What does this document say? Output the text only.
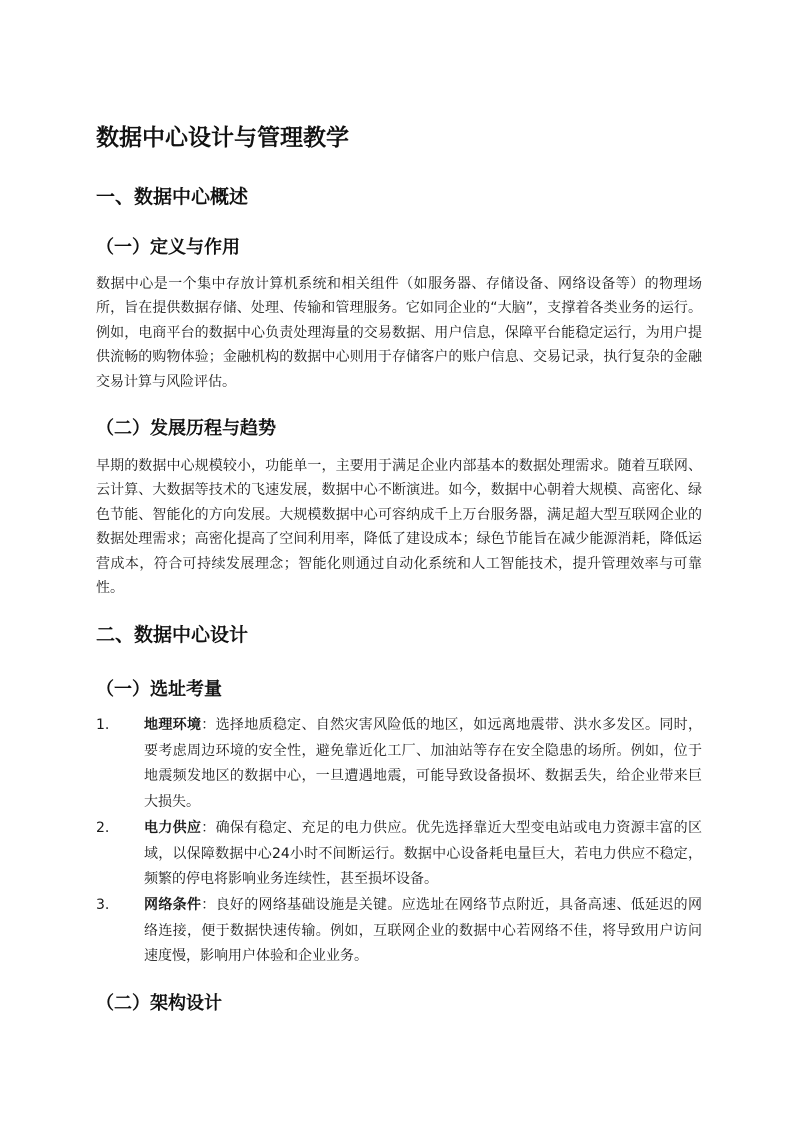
数据中心设计与管理教学
一、数据中心概述
（一）定义与作用

数据中心是一个集中存放计算机系统和相关组件（如服务器、存储设备、网络设备等）的物理场所，旨在提供数据存储、处理、传输和管理服务。它如同企业的“大脑”，支撑着各类业务的运行。例如，电商平台的数据中心负责处理海量的交易数据、用户信息，保障平台能稳定运行，为用户提供流畅的购物体验；金融机构的数据中心则用于存储客户的账户信息、交易记录，执行复杂的金融交易计算与风险评估。

（二）发展历程与趋势

早期的数据中心规模较小，功能单一，主要用于满足企业内部基本的数据处理需求。随着互联网、云计算、大数据等技术的飞速发展，数据中心不断演进。如今，数据中心朝着大规模、高密化、绿色节能、智能化的方向发展。大规模数据中心可容纳成千上万台服务器，满足超大型互联网企业的数据处理需求；高密化提高了空间利用率，降低了建设成本；绿色节能旨在减少能源消耗，降低运营成本，符合可持续发展理念；智能化则通过自动化系统和人工智能技术，提升管理效率与可靠性。

二、数据中心设计
（一）选址考量
1.	地理环境：选择地质稳定、自然灾害风险低的地区，如远离地震带、洪水多发区。同时，要考虑周边环境的安全性，避免靠近化工厂、加油站等存在安全隐患的场所。例如，位于地震频发地区的数据中心，一旦遭遇地震，可能导致设备损坏、数据丢失，给企业带来巨大损失。
2.	电力供应：确保有稳定、充足的电力供应。优先选择靠近大型变电站或电力资源丰富的区域，以保障数据中心24小时不间断运行。数据中心设备耗电量巨大，若电力供应不稳定，频繁的停电将影响业务连续性，甚至损坏设备。
3.	网络条件：良好的网络基础设施是关键。应选址在网络节点附近，具备高速、低延迟的网络连接，便于数据快速传输。例如，互联网企业的数据中心若网络不佳，将导致用户访问速度慢，影响用户体验和企业业务。
（二）架构设计
